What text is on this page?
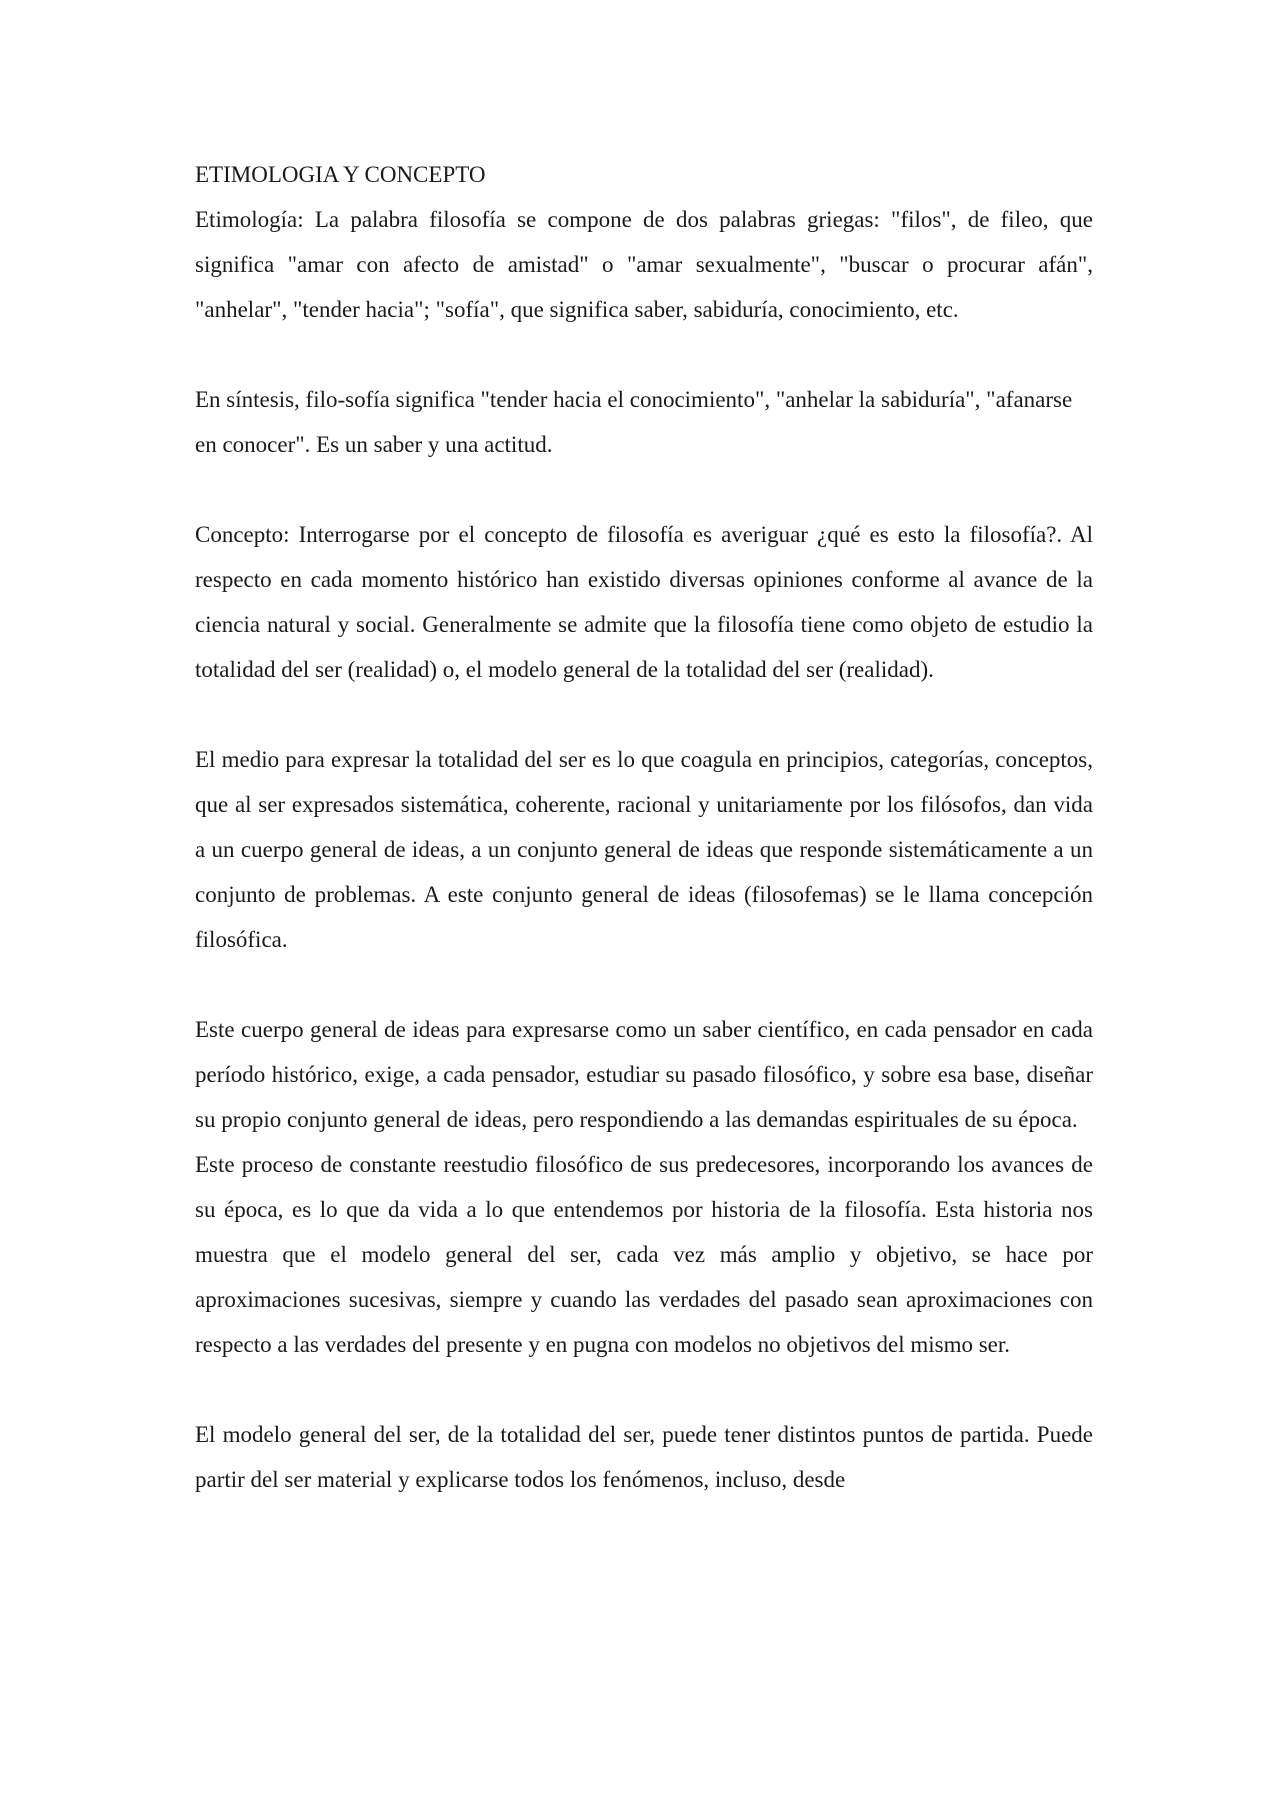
ETIMOLOGIA Y CONCEPTO

Etimología: La palabra filosofía se compone de dos palabras griegas: "filos", de fileo, que significa "amar con afecto de amistad" o "amar sexualmente", "buscar o procurar afán", "anhelar", "tender hacia"; "sofía", que significa saber, sabiduría, conocimiento, etc.

En síntesis, filo-sofía significa "tender hacia el conocimiento", "anhelar la sabiduría", "afanarse en conocer". Es un saber y una actitud.

Concepto: Interrogarse por el concepto de filosofía es averiguar ¿qué es esto la filosofía?. Al respecto en cada momento histórico han existido diversas opiniones conforme al avance de la ciencia natural y social. Generalmente se admite que la filosofía tiene como objeto de estudio la totalidad del ser (realidad) o, el modelo general de la totalidad del ser (realidad).

El medio para expresar la totalidad del ser es lo que coagula en principios, categorías, conceptos, que al ser expresados sistemática, coherente, racional y unitariamente por los filósofos, dan vida a un cuerpo general de ideas, a un conjunto general de ideas que responde sistemáticamente a un conjunto de problemas. A este conjunto general de ideas (filosofemas) se le llama concepción filosófica.

Este cuerpo general de ideas para expresarse como un saber científico, en cada pensador en cada período histórico, exige, a cada pensador, estudiar su pasado filosófico, y sobre esa base, diseñar su propio conjunto general de ideas, pero respondiendo a las demandas espirituales de su época.

Este proceso de constante reestudio filosófico de sus predecesores, incorporando los avances de su época, es lo que da vida a lo que entendemos por historia de la filosofía. Esta historia nos muestra que el modelo general del ser, cada vez más amplio y objetivo, se hace por aproximaciones sucesivas, siempre y cuando las verdades del pasado sean aproximaciones con respecto a las verdades del presente y en pugna con modelos no objetivos del mismo ser.

El modelo general del ser, de la totalidad del ser, puede tener distintos puntos de partida. Puede partir del ser material y explicarse todos los fenómenos, incluso, desde
